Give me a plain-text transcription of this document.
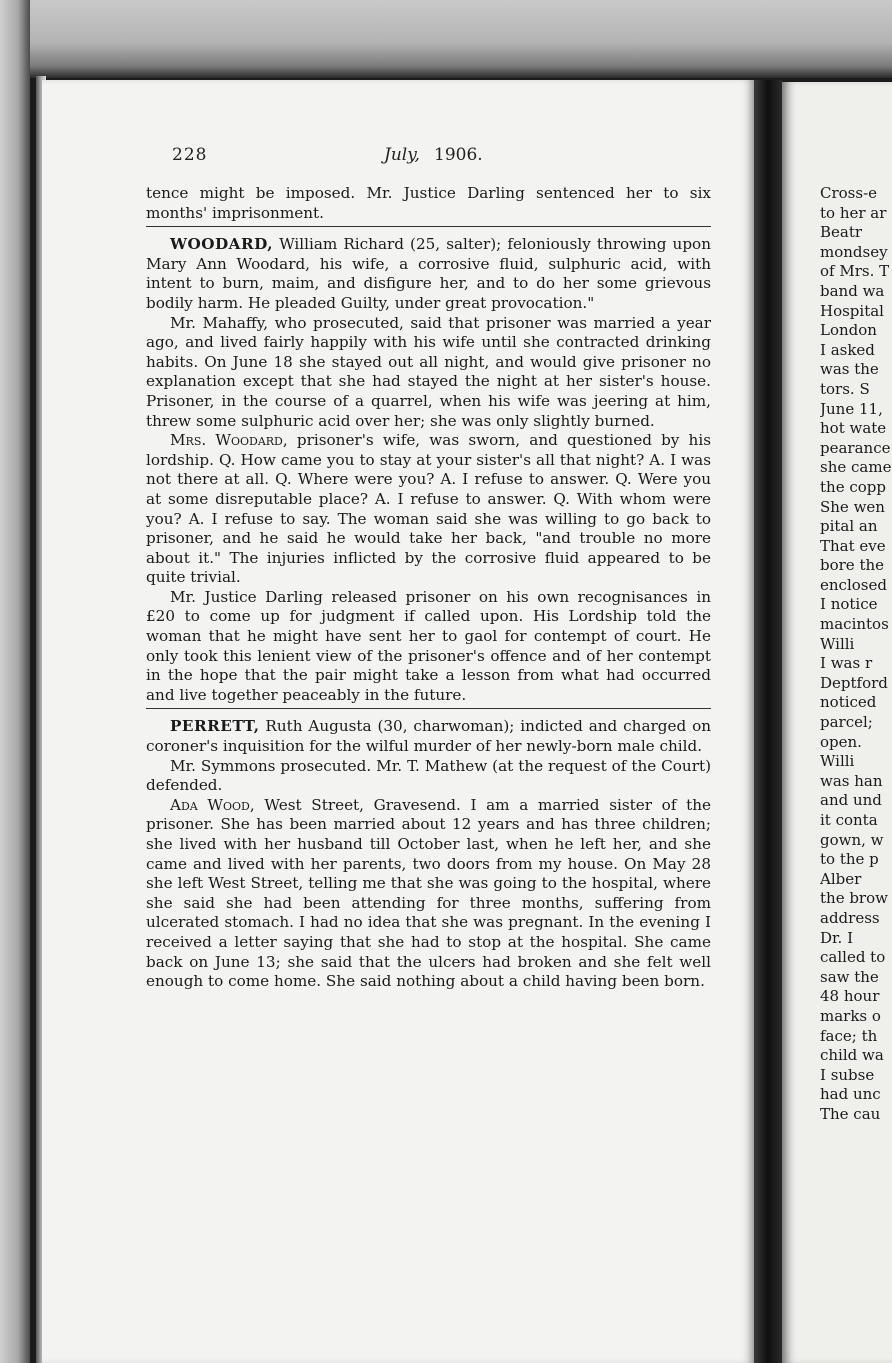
228	July, 1906.

tence might be imposed. Mr. Justice Darling sentenced her to six months' imprisonment.

WOODARD, William Richard (25, salter); feloniously throwing upon Mary Ann Woodard, his wife, a corrosive fluid, sulphuric acid, with intent to burn, maim, and disfigure her, and to do her some grievous bodily harm. He pleaded Guilty, under great provocation."

Mr. Mahaffy, who prosecuted, said that prisoner was married a year ago, and lived fairly happily with his wife until she contracted drinking habits. On June 18 she stayed out all night, and would give prisoner no explanation except that she had stayed the night at her sister's house. Prisoner, in the course of a quarrel, when his wife was jeering at him, threw some sulphuric acid over her; she was only slightly burned.

Mrs. Woodard, prisoner's wife, was sworn, and questioned by his lordship. Q. How came you to stay at your sister's all that night? A. I was not there at all. Q. Where were you? A. I refuse to answer. Q. Were you at some disreputable place? A. I refuse to answer. Q. With whom were you? A. I refuse to say. The woman said she was willing to go back to prisoner, and he said he would take her back, "and trouble no more about it." The injuries inflicted by the corrosive fluid appeared to be quite trivial.

Mr. Justice Darling released prisoner on his own recognisances in £20 to come up for judgment if called upon. His Lordship told the woman that he might have sent her to gaol for contempt of court. He only took this lenient view of the prisoner's offence and of her contempt in the hope that the pair might take a lesson from what had occurred and live together peaceably in the future.

PERRETT, Ruth Augusta (30, charwoman); indicted and charged on coroner's inquisition for the wilful murder of her newly-born male child.

Mr. Symmons prosecuted. Mr. T. Mathew (at the request of the Court) defended.

Ada Wood, West Street, Gravesend. I am a married sister of the prisoner. She has been married about 12 years and has three children; she lived with her husband till October last, when he left her, and she came and lived with her parents, two doors from my house. On May 28 she left West Street, telling me that she was going to the hospital, where she said she had been attending for three months, suffering from ulcerated stomach. I had no idea that she was pregnant. In the evening I received a letter saying that she had to stop at the hospital. She came back on June 13; she said that the ulcers had broken and she felt well enough to come home. She said nothing about a child having been born.

Cross-e
to her ar
Beatr
mondsey
of Mrs. T
band wa
Hospital
London
I asked
was the
tors. S
June 11,
hot wate
pearance
she came
the copp
She wen
pital an
That eve
bore the
enclosed
I notice
macintos
Willi
I was r
Deptford
noticed
parcel;
open.
Willi
was han
and und
it conta
gown, w
to the p
Alber
the brow
address
Dr. I
called to
saw the
48 hour
marks o
face; th
child wa
I subse
had unc
The cau
